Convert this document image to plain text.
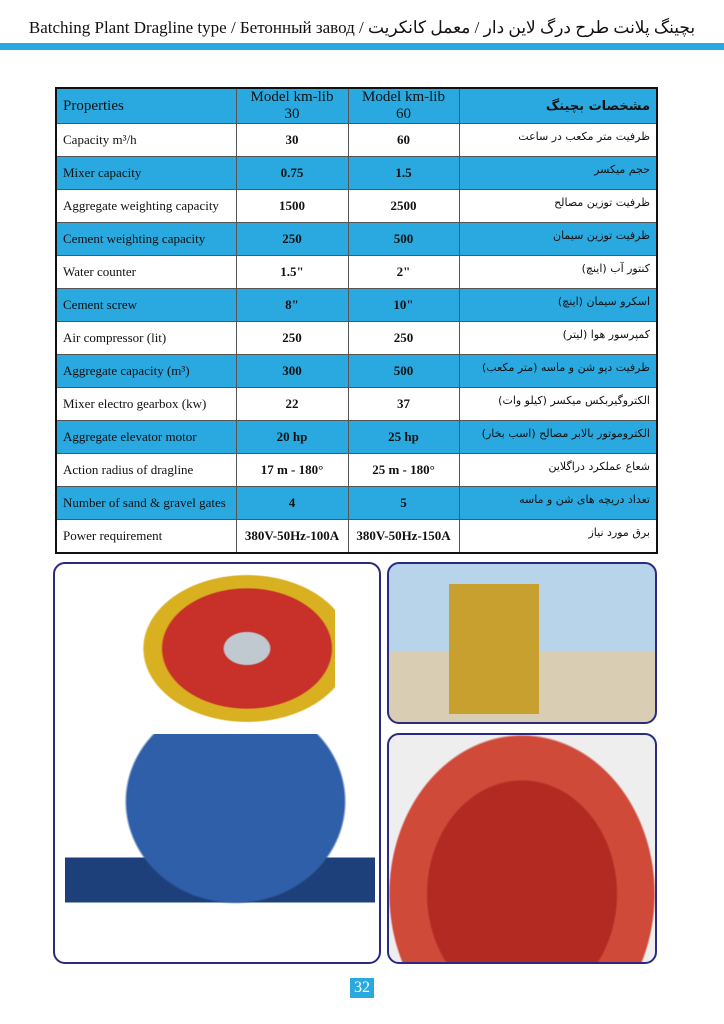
Batching Plant Dragline type / Бетонный завод / بچینگ پلانت طرح درگ لاین دار / معمل کانکریت
Properties	Model km-lib 30	Model km-lib 60	مشخصات بچینگ
Capacity m³/h	30	60	ظرفیت متر مکعب در ساعت
Mixer capacity	0.75	1.5	حجم میکسر
Aggregate weighting capacity	1500	2500	ظرفیت توزین مصالح
Cement weighting capacity	250	500	ظرفیت توزین سیمان
Water counter	1.5"	2"	کنتور آب (اینچ)
Cement screw	8"	10"	اسکرو سیمان (اینچ)
Air compressor (lit)	250	250	کمپرسور هوا (لیتر)
Aggregate capacity (m³)	300	500	ظرفیت دپو شن و ماسه (متر مکعب)
Mixer electro gearbox (kw)	22	37	الکتروگیربکس میکسر (کیلو وات)
Aggregate elevator motor	20 hp	25 hp	الکتروموتور بالابر مصالح (اسب بخار)
Action radius of dragline	17 m - 180°	25 m - 180°	شعاع عملکرد دراگلاین
Number of sand & gravel gates	4	5	تعداد دریچه های شن و ماسه
Power requirement	380V-50Hz-100A	380V-50Hz-150A	برق مورد نیاز
32
